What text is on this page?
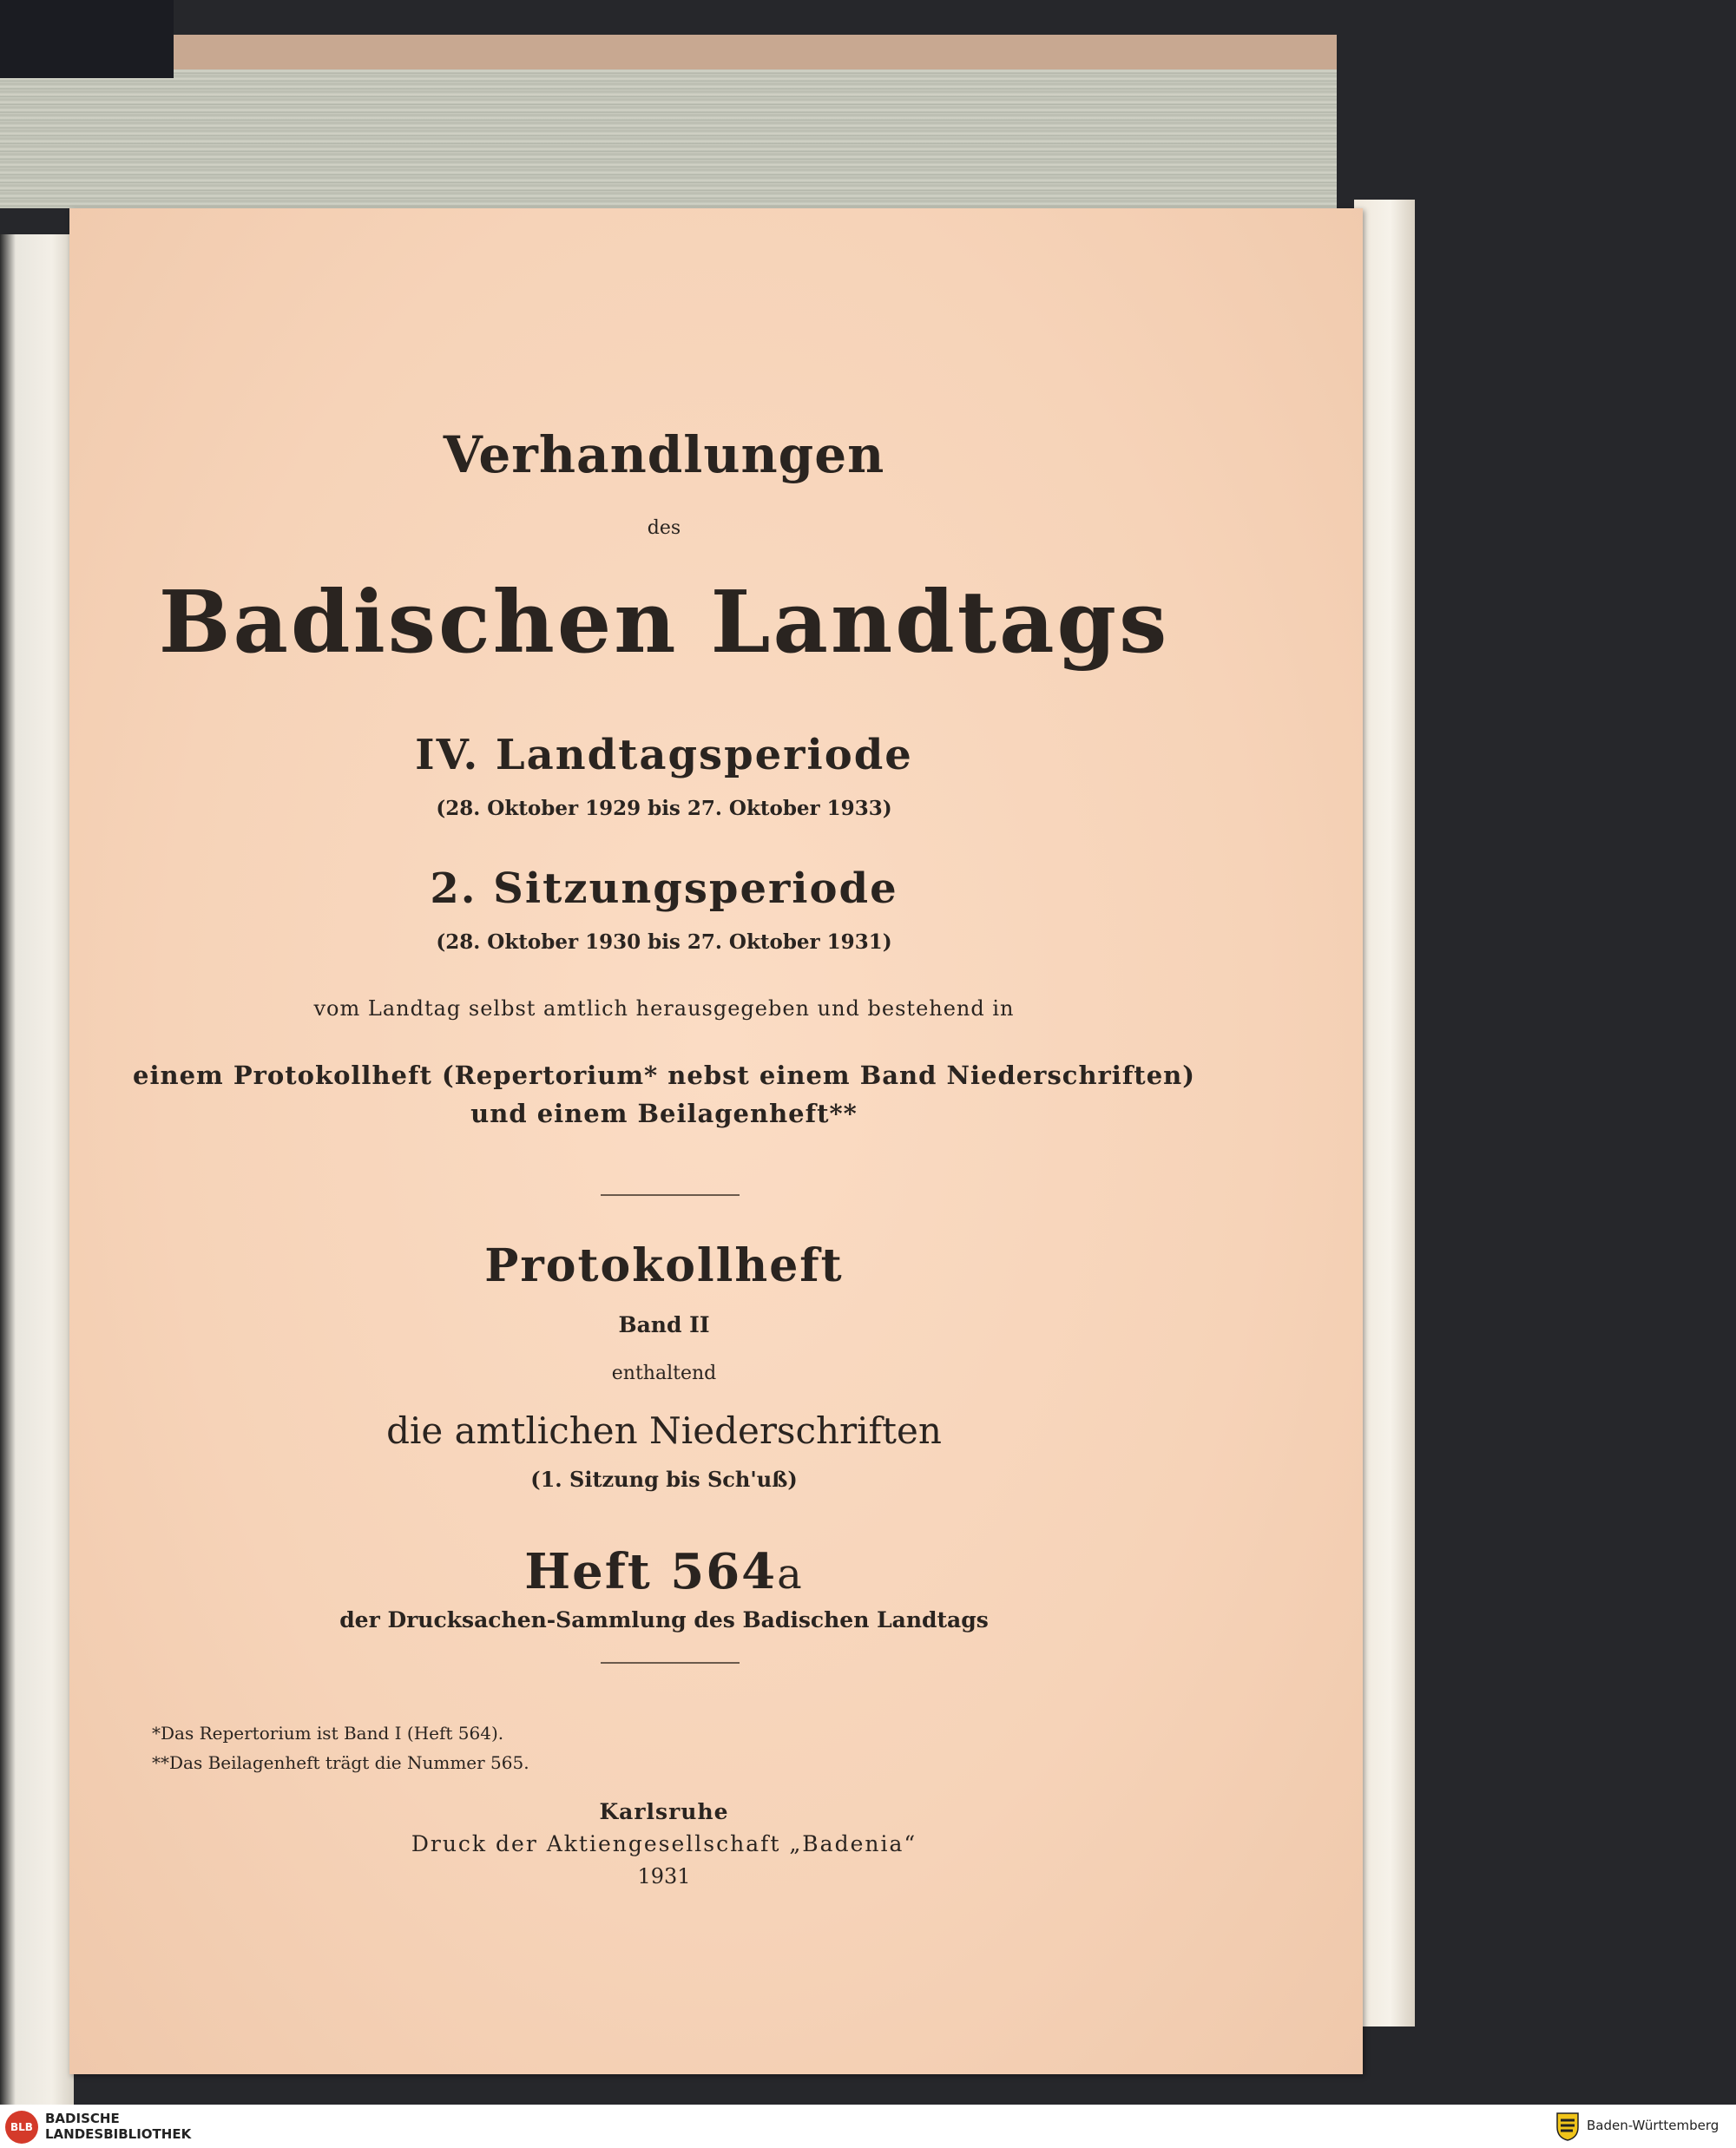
Verhandlungen
des
Badischen Landtags
IV. Landtagsperiode
(28. Oktober 1929 bis 27. Oktober 1933)
2. Sitzungsperiode
(28. Oktober 1930 bis 27. Oktober 1931)
vom Landtag selbst amtlich herausgegeben und bestehend in
einem Protokollheft (Repertorium* nebst einem Band Niederschriften)
und einem Beilagenheft**
Protokollheft
Band II
enthaltend
die amtlichen Niederschriften
(1. Sitzung bis Sch'uß)
Heft 564a
der Drucksachen-Sammlung des Badischen Landtags
*Das Repertorium ist Band I (Heft 564).
**Das Beilagenheft trägt die Nummer 565.
Karlsruhe
Druck der Aktiengesellschaft „Badenia“
1931
BLB
BADISCHE
LANDESBIBLIOTHEK
Baden-Württemberg
